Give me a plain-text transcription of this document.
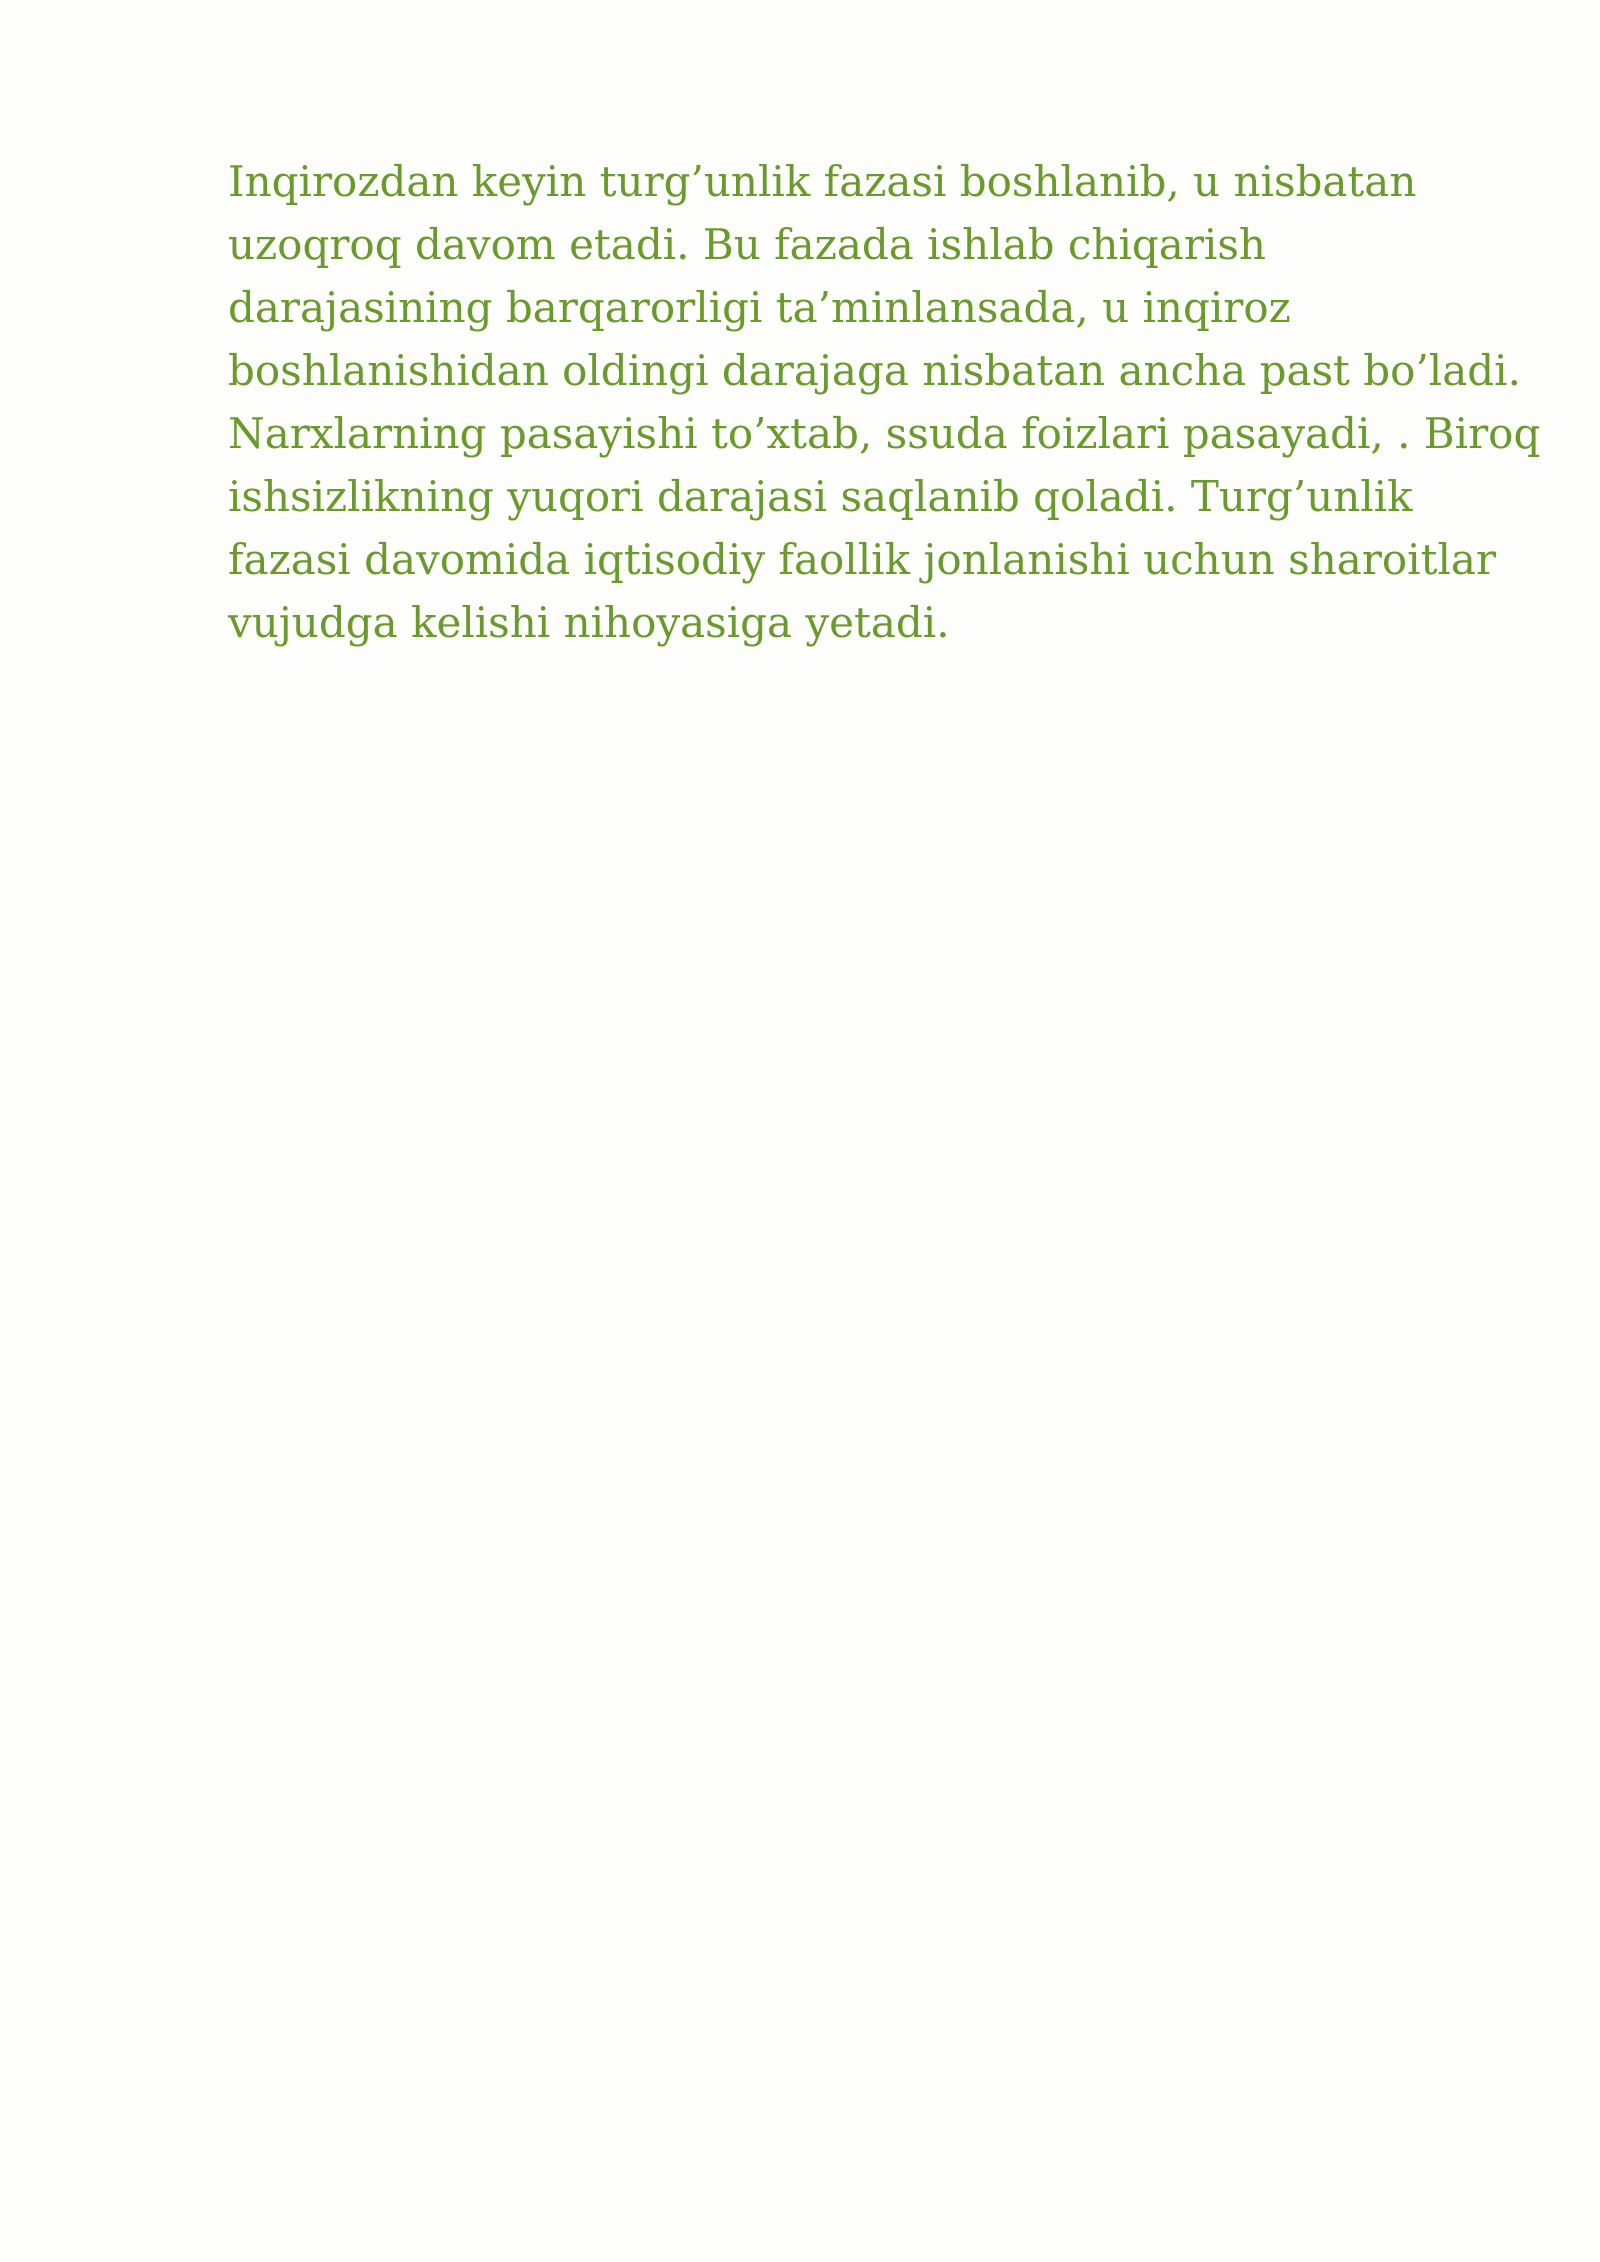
Inqirozdan keyin turg’unlik fazasi boshlanib, u nisbatan
uzoqroq davom etadi. Bu fazada ishlab chiqarish
darajasining barqarorligi ta’minlansada, u inqiroz
boshlanishidan oldingi darajaga nisbatan ancha past bo’ladi.
Narxlarning pasayishi to’xtab, ssuda foizlari pasayadi, . Biroq
ishsizlikning yuqori darajasi saqlanib qoladi. Turg’unlik
fazasi davomida iqtisodiy faollik jonlanishi uchun sharoitlar
vujudga kelishi nihoyasiga yetadi.
